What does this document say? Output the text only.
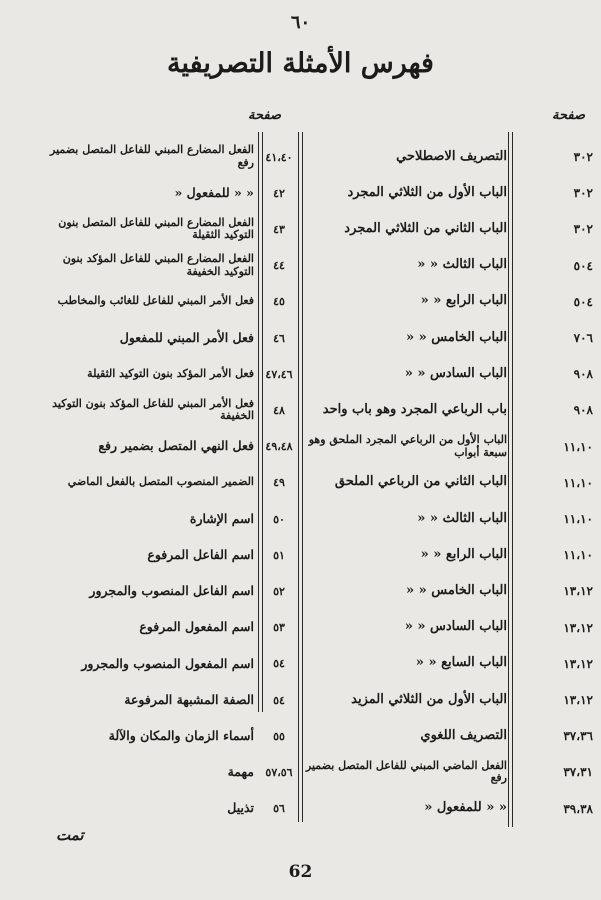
٦٠
فهرس الأمثلة التصريفية
صفحة
صفحة
٣٠٢
التصريف الاصطلاحي
٣٠٢
الباب الأول من الثلاثي المجرد
٣٠٢
الباب الثاني من الثلاثي المجرد
٥٠٤
الباب الثالث « «
٥٠٤
الباب الرابع « «
٧٠٦
الباب الخامس « «
٩٠٨
الباب السادس « «
٩٠٨
باب الرباعي المجرد وهو باب واحد
١١،١٠
الباب الأول من الرباعي المجرد الملحق وهو سبعة أبواب
١١،١٠
الباب الثاني من الرباعي الملحق
١١،١٠
الباب الثالث « «
١١،١٠
الباب الرابع « «
١٣،١٢
الباب الخامس « «
١٣،١٢
الباب السادس « «
١٣،١٢
الباب السابع « «
١٣،١٢
الباب الأول من الثلاثي المزيد
٣٧،٣٦
التصريف اللغوي
٣٧،٣١
الفعل الماضي المبني للفاعل المتصل بضمير رفع
٣٩،٣٨
« « للمفعول «
٤١،٤٠
الفعل المضارع المبني للفاعل المتصل بضمير رفع
٤٢
« « للمفعول «
٤٣
الفعل المضارع المبني للفاعل المتصل بنون التوكيد الثقيلة
٤٤
الفعل المضارع المبني للفاعل المؤكد بنون التوكيد الخفيفة
٤٥
فعل الأمر المبني للفاعل للغائب والمخاطب
٤٦
فعل الأمر المبني للمفعول
٤٧،٤٦
فعل الأمر المؤكد بنون التوكيد الثقيلة
٤٨
فعل الأمر المبني للفاعل المؤكد بنون التوكيد الخفيفة
٤٩،٤٨
فعل النهي المتصل بضمير رفع
٤٩
الضمير المنصوب المتصل بالفعل الماضي
٥٠
اسم الإشارة
٥١
اسم الفاعل المرفوع
٥٢
اسم الفاعل المنصوب والمجرور
٥٣
اسم المفعول المرفوع
٥٤
اسم المفعول المنصوب والمجرور
٥٤
الصفة المشبهة المرفوعة
٥٥
أسماء الزمان والمكان والآلة
٥٧،٥٦
مهمة
٥٦
تذييل
تمت
62
